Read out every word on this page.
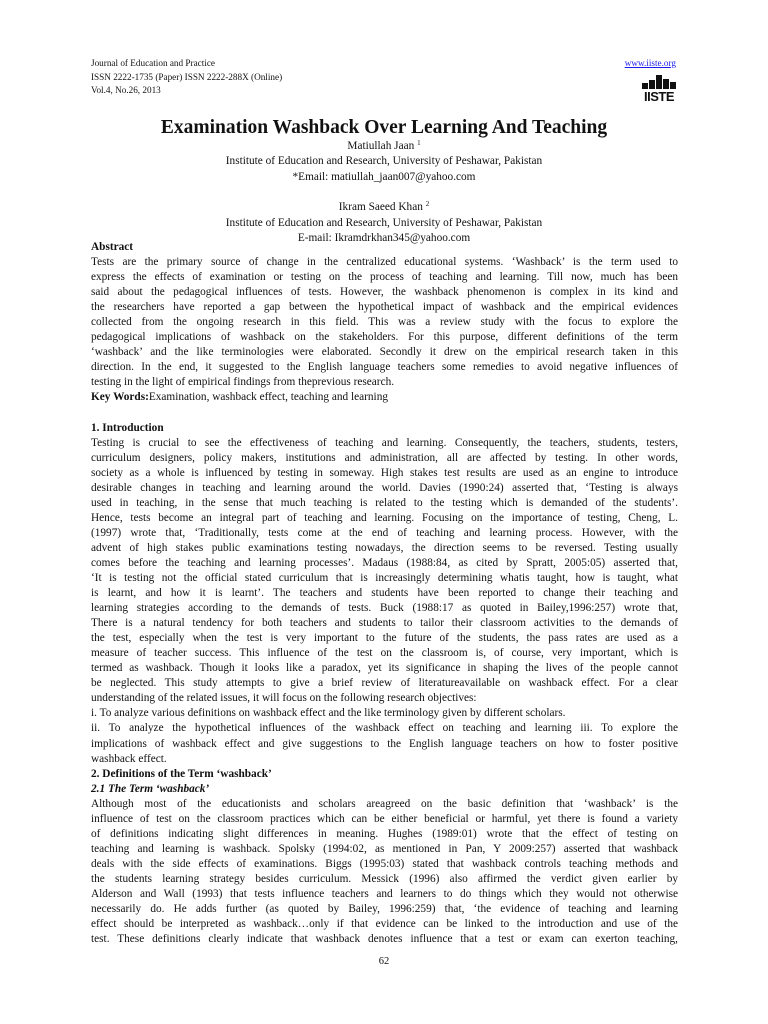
Journal of Education and Practice
ISSN 2222-1735 (Paper) ISSN 2222-288X (Online)
Vol.4, No.26, 2013
www.iiste.org
IISTE
Examination Washback Over Learning And Teaching
Matiullah Jaan $^1$
Institute of Education and Research, University of Peshawar, Pakistan
*Email: matiullah_jaan007@yahoo.com
Ikram Saeed Khan $^2$
Institute of Education and Research, University of Peshawar, Pakistan
E-mail: Ikramdrkhan345@yahoo.com
Abstract
Tests are the primary source of change in the centralized educational systems. ‘Washback’ is the term used to
express the effects of examination or testing on the process of teaching and learning. Till now, much has been
said about the pedagogical influences of tests. However, the washback phenomenon is complex in its kind and
the researchers have reported a gap between the hypothetical impact of washback and the empirical evidences
collected from the ongoing research in this field. This was a review study with the focus to explore the
pedagogical implications of washback on the stakeholders. For this purpose, different definitions of the term
‘washback’ and the like terminologies were elaborated. Secondly it drew on the empirical research taken in this
direction. In the end, it suggested to the English language teachers some remedies to avoid negative influences of
testing in the light of empirical findings from theprevious research.
Key Words:Examination, washback effect, teaching and learning
1. Introduction
Testing is crucial to see the effectiveness of teaching and learning. Consequently, the teachers, students, testers,
curriculum designers, policy makers, institutions and administration, all are affected by testing. In other words,
society as a whole is influenced by testing in someway. High stakes test results are used as an engine to introduce
desirable changes in teaching and learning around the world. Davies (1990:24) asserted that, ‘Testing is always
used in teaching, in the sense that much teaching is related to the testing which is demanded of the students’.
Hence, tests become an integral part of teaching and learning. Focusing on the importance of testing, Cheng, L.
(1997) wrote that, ‘Traditionally, tests come at the end of teaching and learning process. However, with the
advent of high stakes public examinations testing nowadays, the direction seems to be reversed. Testing usually
comes before the teaching and learning processes’. Madaus (1988:84, as cited by Spratt, 2005:05) asserted that,
‘It is testing not the official stated curriculum that is increasingly determining whatis taught, how is taught, what
is learnt, and how it is learnt’. The teachers and students have been reported to change their teaching and
learning strategies according to the demands of tests. Buck (1988:17 as quoted in Bailey,1996:257) wrote that,
There is a natural tendency for both teachers and students to tailor their classroom activities to the demands of
the test, especially when the test is very important to the future of the students, the pass rates are used as a
measure of teacher success. This influence of the test on the classroom is, of course, very important, which is
termed as washback. Though it looks like a paradox, yet its significance in shaping the lives of the people cannot
be neglected. This study attempts to give a brief review of literatureavailable on washback effect. For a clear
understanding of the related issues, it will focus on the following research objectives:
i. To analyze various definitions on washback effect and the like terminology given by different scholars.
ii. To analyze the hypothetical influences of the washback effect on teaching and learning iii. To explore the
implications of washback effect and give suggestions to the English language teachers on how to foster positive
washback effect.
2. Definitions of the Term ‘washback’
2.1 The Term ‘washback’
Although most of the educationists and scholars areagreed on the basic definition that ‘washback’ is the
influence of test on the classroom practices which can be either beneficial or harmful, yet there is found a variety
of definitions indicating slight differences in meaning. Hughes (1989:01) wrote that the effect of testing on
teaching and learning is washback. Spolsky (1994:02, as mentioned in Pan, Y 2009:257) asserted that washback
deals with the side effects of examinations. Biggs (1995:03) stated that washback controls teaching methods and
the students learning strategy besides curriculum. Messick (1996) also affirmed the verdict given earlier by
Alderson and Wall (1993) that tests influence teachers and learners to do things which they would not otherwise
necessarily do. He adds further (as quoted by Bailey, 1996:259) that, ‘the evidence of teaching and learning
effect should be interpreted as washback…only if that evidence can be linked to the introduction and use of the
test. These definitions clearly indicate that washback denotes influence that a test or exam can exerton teaching,
62
